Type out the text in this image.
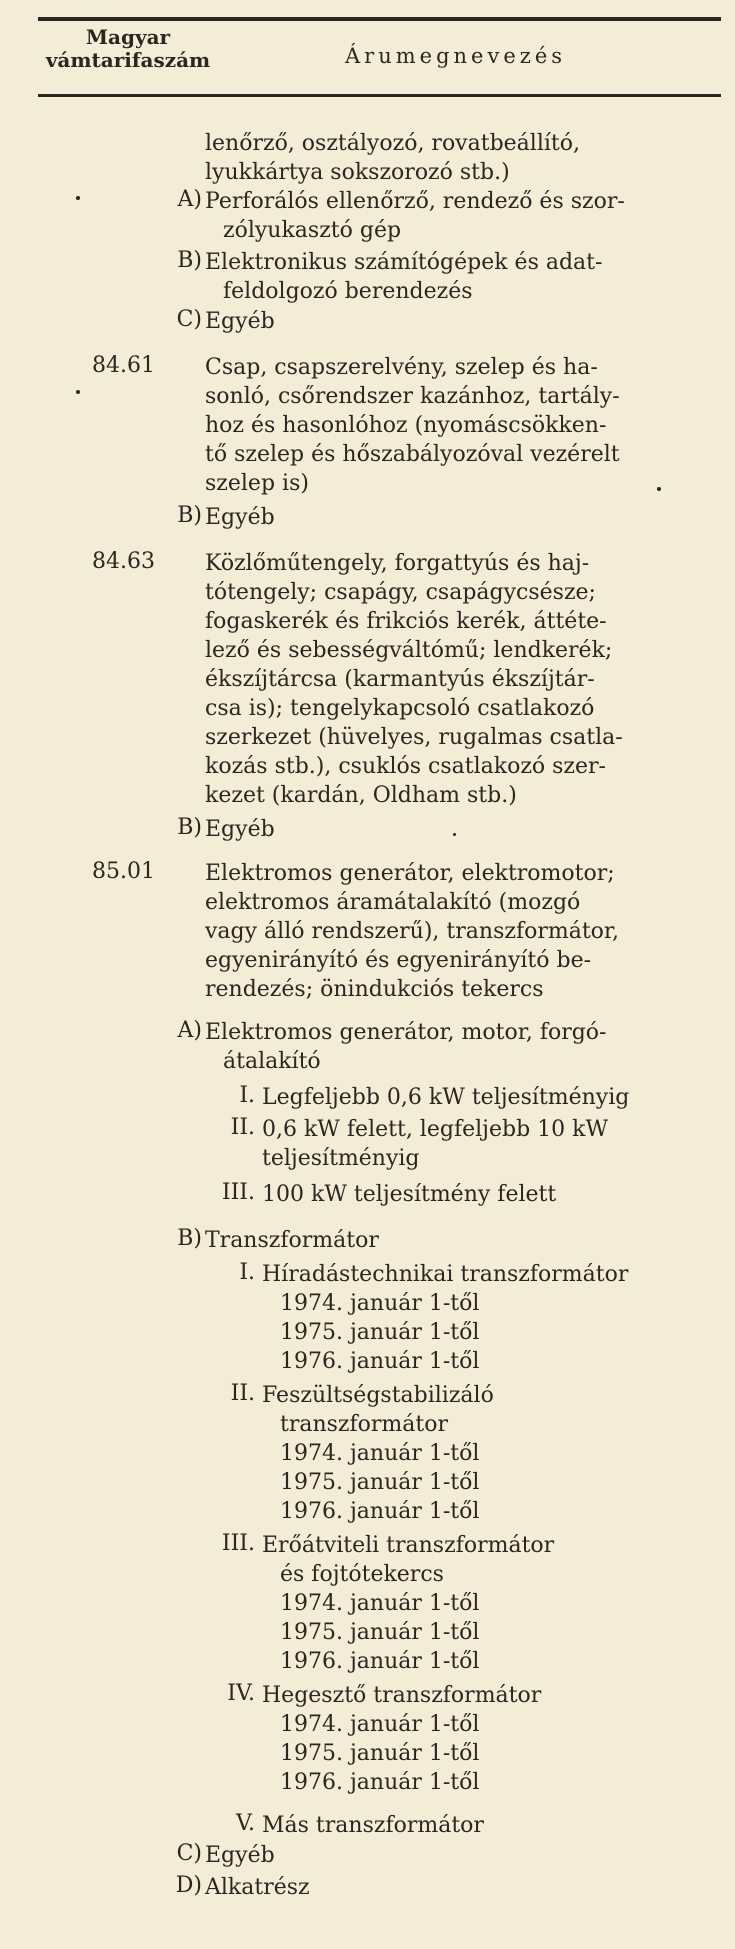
Magyar
vámtarifaszám	Árumegnevezés
lenőrző, osztályozó, rovatbeállító,
lyukkártya sokszorozó stb.)
A) Perforálós ellenőrző, rendező és szor-
zólyukasztó gép
B) Elektronikus számítógépek és adat-
feldolgozó berendezés
C) Egyéb
84.61 Csap, csapszerelvény, szelep és ha-
sonló, csőrendszer kazánhoz, tartály-
hoz és hasonlóhoz (nyomáscsökken-
tő szelep és hőszabályozóval vezérelt
szelep is)
B) Egyéb
84.63 Közlőműtengely, forgattyús és haj-
tótengely; csapágy, csapágycsésze;
fogaskerék és frikciós kerék, áttéte-
lező és sebességváltómű; lendkerék;
ékszíjtárcsa (karmantyús ékszíjtár-
csa is); tengelykapcsoló csatlakozó
szerkezet (hüvelyes, rugalmas csatla-
kozás stb.), csuklós csatlakozó szer-
kezet (kardán, Oldham stb.)
B) Egyéb
85.01 Elektromos generátor, elektromotor;
elektromos áramátalakító (mozgó
vagy álló rendszerű), transzformátor,
egyenirányító és egyenirányító be-
rendezés; önindukciós tekercs
A) Elektromos generátor, motor, forgó-
átalakító
I. Legfeljebb 0,6 kW teljesítményig
II. 0,6 kW felett, legfeljebb 10 kW
teljesítményig
III. 100 kW teljesítmény felett
B) Transzformátor
I. Híradástechnikai transzformátor
1974. január 1-től
1975. január 1-től
1976. január 1-től
II. Feszültségstabilizáló
transzformátor
1974. január 1-től
1975. január 1-től
1976. január 1-től
III. Erőátviteli transzformátor
és fojtótekercs
1974. január 1-től
1975. január 1-től
1976. január 1-től
IV. Hegesztő transzformátor
1974. január 1-től
1975. január 1-től
1976. január 1-től
V. Más transzformátor
C) Egyéb
D) Alkatrész
